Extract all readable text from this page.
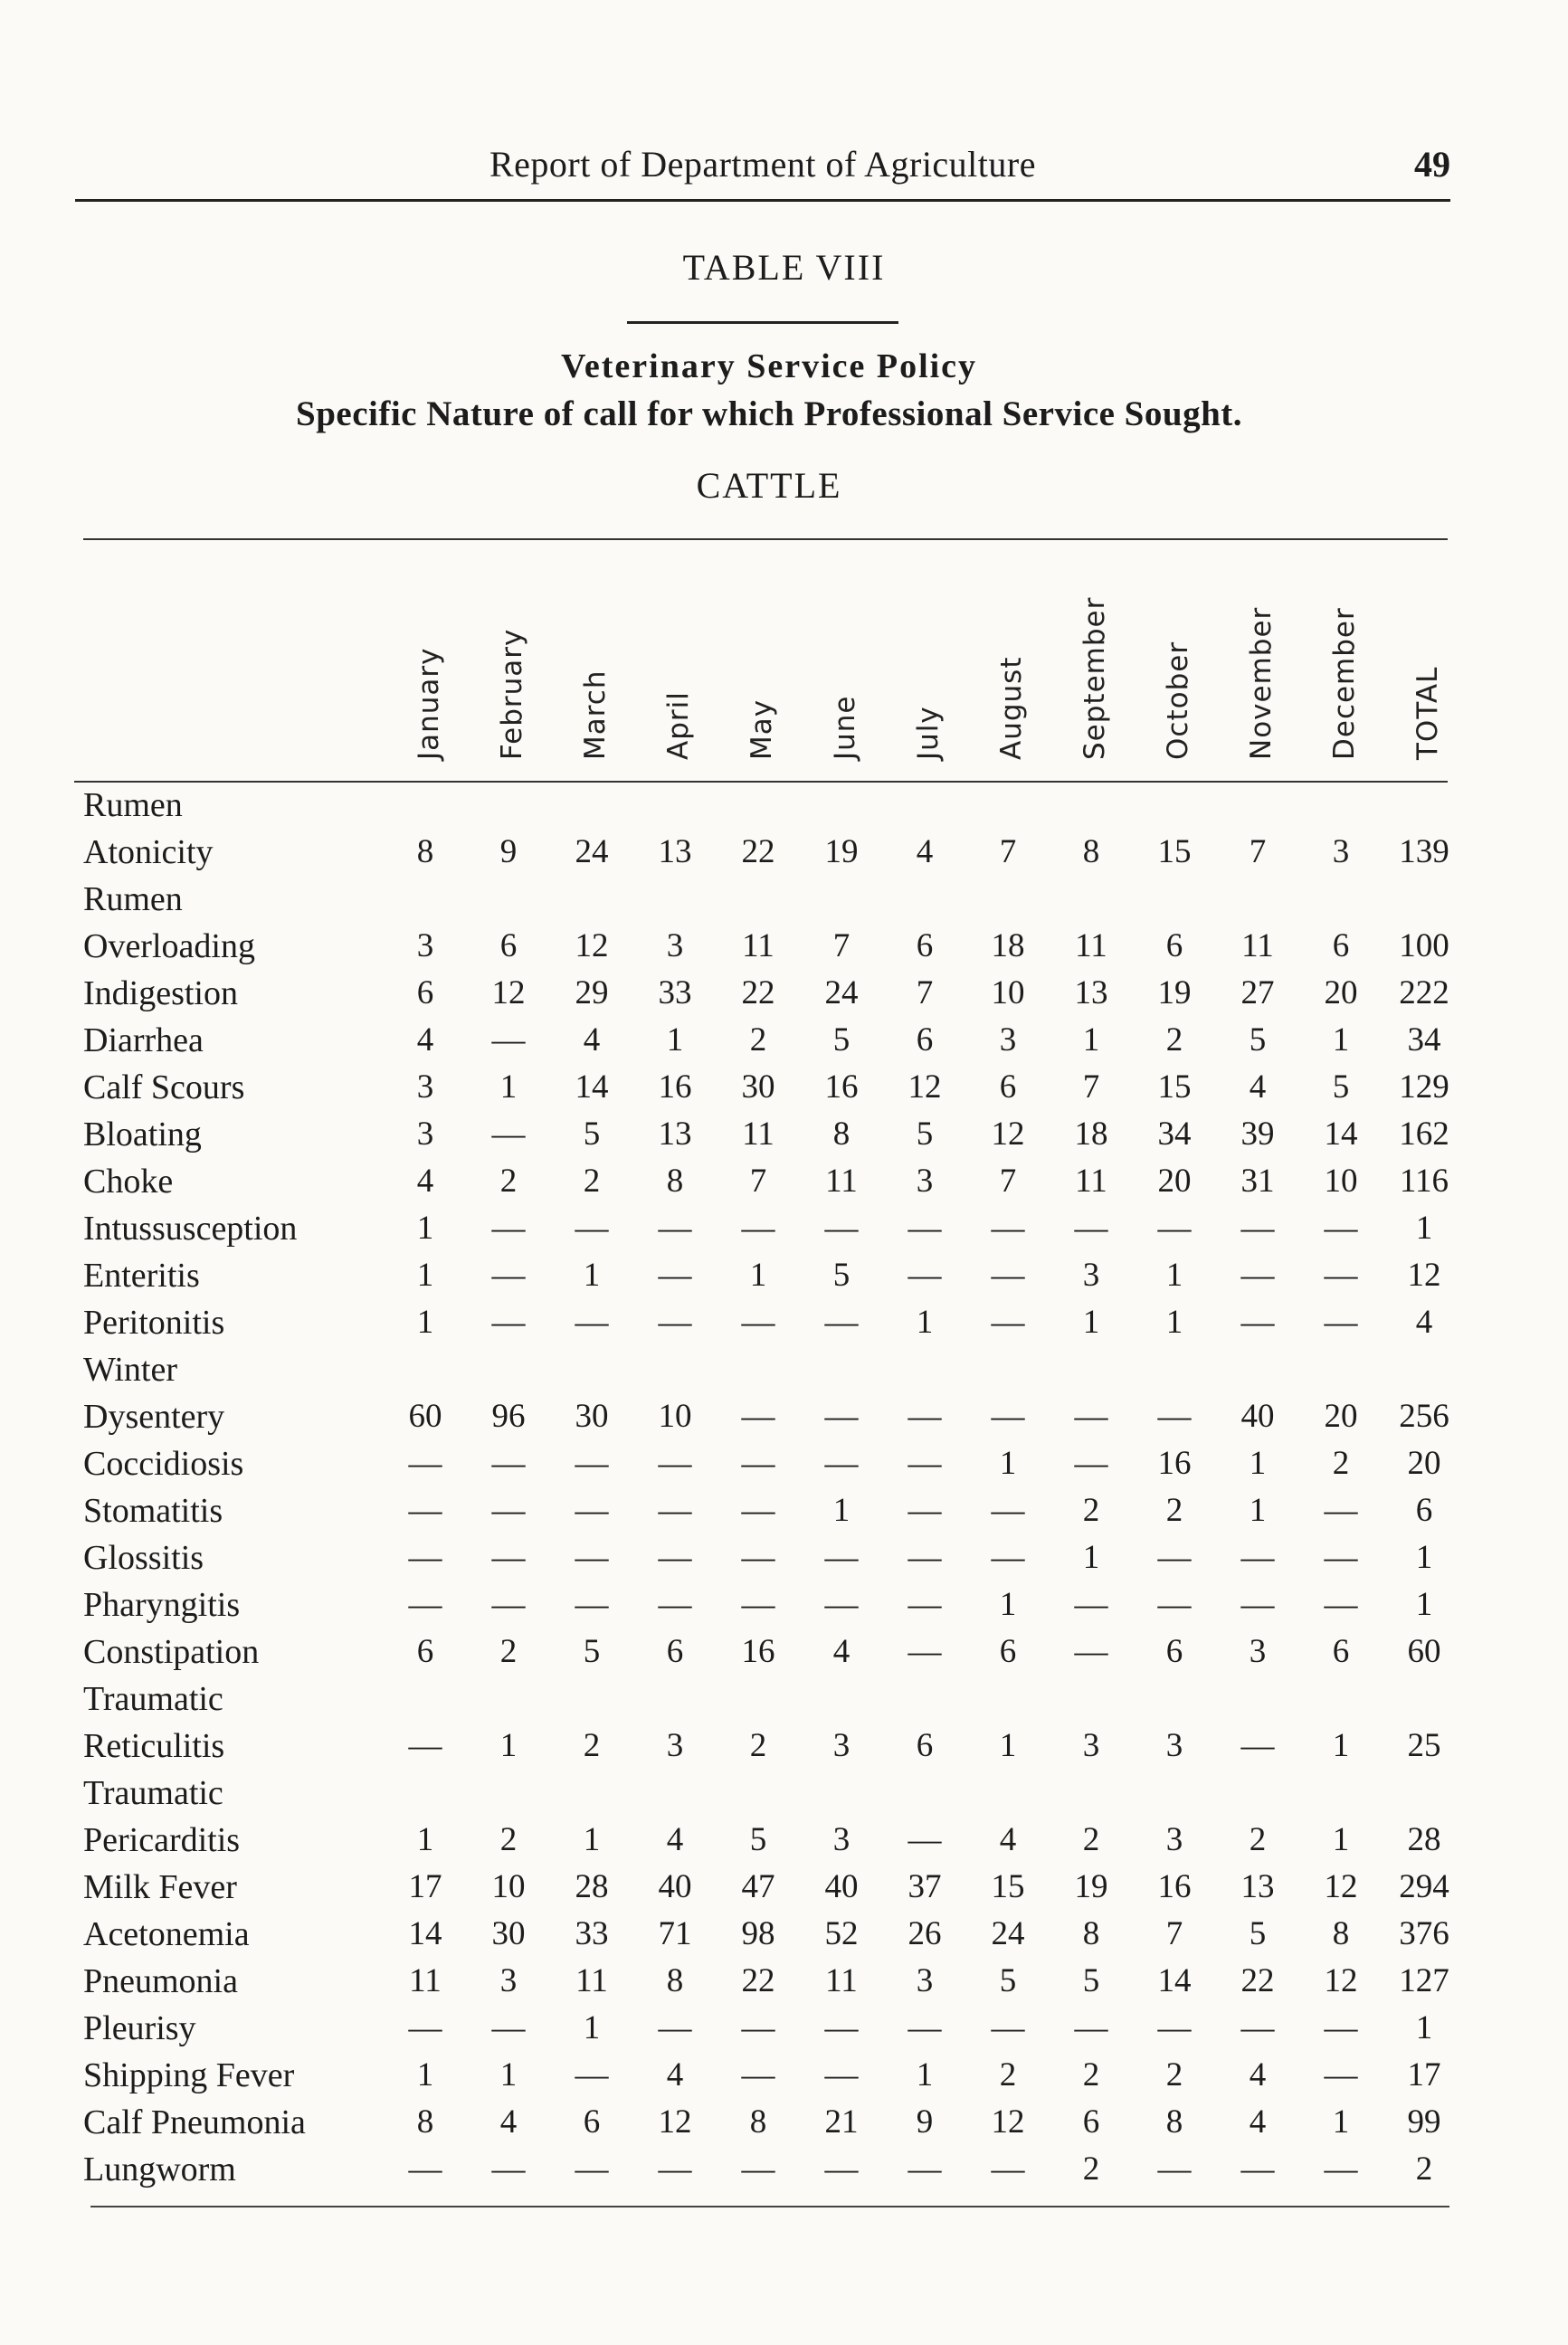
Report of Department of Agriculture	49
TABLE VIII
Veterinary Service Policy
Specific Nature of call for which Professional Service Sought.
CATTLE
January February March April May June July August September October November December TOTAL
Rumen
Atonicity	8	9	24	13	22	19	4	7	8	15	7	3	139
Rumen
Overloading	3	6	12	3	11	7	6	18	11	6	11	6	100
Indigestion	6	12	29	33	22	24	7	10	13	19	27	20	222
Diarrhea	4	—	4	1	2	5	6	3	1	2	5	1	34
Calf Scours	3	1	14	16	30	16	12	6	7	15	4	5	129
Bloating	3	—	5	13	11	8	5	12	18	34	39	14	162
Choke	4	2	2	8	7	11	3	7	11	20	31	10	116
Intussusception	1	—	—	—	—	—	—	—	—	—	—	—	1
Enteritis	1	—	1	—	1	5	—	—	3	1	—	—	12
Peritonitis	1	—	—	—	—	—	1	—	1	1	—	—	4
Winter
Dysentery	60	96	30	10	—	—	—	—	—	—	40	20	256
Coccidiosis	—	—	—	—	—	—	—	1	—	16	1	2	20
Stomatitis	—	—	—	—	—	1	—	—	2	2	1	—	6
Glossitis	—	—	—	—	—	—	—	—	1	—	—	—	1
Pharyngitis	—	—	—	—	—	—	—	1	—	—	—	—	1
Constipation	6	2	5	6	16	4	—	6	—	6	3	6	60
Traumatic
Reticulitis	—	1	2	3	2	3	6	1	3	3	—	1	25
Traumatic
Pericarditis	1	2	1	4	5	3	—	4	2	3	2	1	28
Milk Fever	17	10	28	40	47	40	37	15	19	16	13	12	294
Acetonemia	14	30	33	71	98	52	26	24	8	7	5	8	376
Pneumonia	11	3	11	8	22	11	3	5	5	14	22	12	127
Pleurisy	—	—	1	—	—	—	—	—	—	—	—	—	1
Shipping Fever	1	1	—	4	—	—	1	2	2	2	4	—	17
Calf Pneumonia	8	4	6	12	8	21	9	12	6	8	4	1	99
Lungworm	—	—	—	—	—	—	—	—	2	—	—	—	2
